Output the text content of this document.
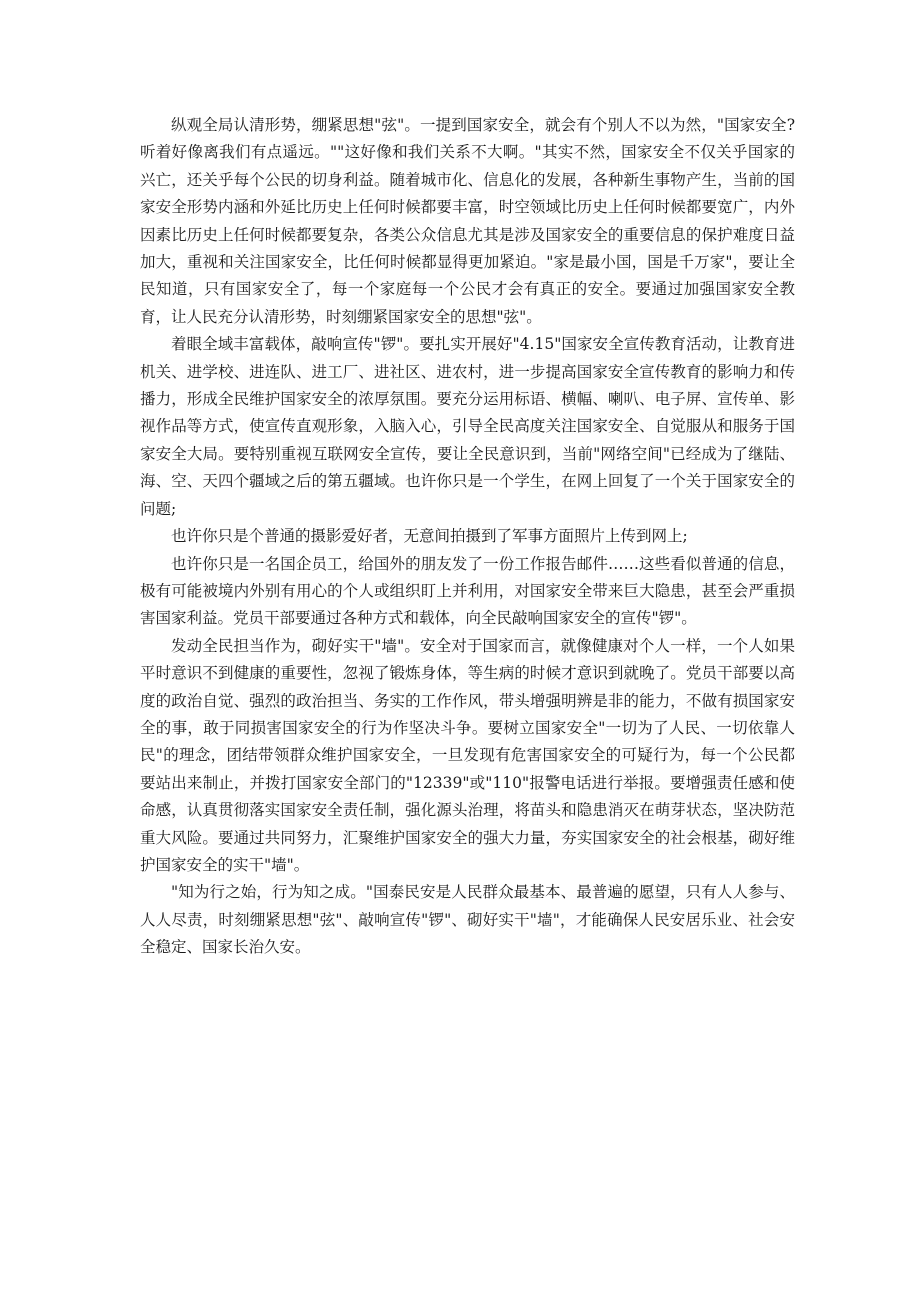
纵观全局认清形势，绷紧思想"弦"。一提到国家安全，就会有个别人不以为然，"国家安全?听着好像离我们有点遥远。""这好像和我们关系不大啊。"其实不然，国家安全不仅关乎国家的兴亡，还关乎每个公民的切身利益。随着城市化、信息化的发展，各种新生事物产生，当前的国家安全形势内涵和外延比历史上任何时候都要丰富，时空领域比历史上任何时候都要宽广，内外因素比历史上任何时候都要复杂，各类公众信息尤其是涉及国家安全的重要信息的保护难度日益加大，重视和关注国家安全，比任何时候都显得更加紧迫。"家是最小国，国是千万家"，要让全民知道，只有国家安全了，每一个家庭每一个公民才会有真正的安全。要通过加强国家安全教育，让人民充分认清形势，时刻绷紧国家安全的思想"弦"。

着眼全域丰富载体，敲响宣传"锣"。要扎实开展好"4.15"国家安全宣传教育活动，让教育进机关、进学校、进连队、进工厂、进社区、进农村，进一步提高国家安全宣传教育的影响力和传播力，形成全民维护国家安全的浓厚氛围。要充分运用标语、横幅、喇叭、电子屏、宣传单、影视作品等方式，使宣传直观形象，入脑入心，引导全民高度关注国家安全、自觉服从和服务于国家安全大局。要特别重视互联网安全宣传，要让全民意识到，当前"网络空间"已经成为了继陆、海、空、天四个疆域之后的第五疆域。也许你只是一个学生，在网上回复了一个关于国家安全的问题;

也许你只是个普通的摄影爱好者，无意间拍摄到了军事方面照片上传到网上;

也许你只是一名国企员工，给国外的朋友发了一份工作报告邮件……这些看似普通的信息，极有可能被境内外别有用心的个人或组织盯上并利用，对国家安全带来巨大隐患，甚至会严重损害国家利益。党员干部要通过各种方式和载体，向全民敲响国家安全的宣传"锣"。

发动全民担当作为，砌好实干"墙"。安全对于国家而言，就像健康对个人一样，一个人如果平时意识不到健康的重要性，忽视了锻炼身体，等生病的时候才意识到就晚了。党员干部要以高度的政治自觉、强烈的政治担当、务实的工作作风，带头增强明辨是非的能力，不做有损国家安全的事，敢于同损害国家安全的行为作坚决斗争。要树立国家安全"一切为了人民、一切依靠人民"的理念，团结带领群众维护国家安全，一旦发现有危害国家安全的可疑行为，每一个公民都要站出来制止，并拨打国家安全部门的"12339"或"110"报警电话进行举报。要增强责任感和使命感，认真贯彻落实国家安全责任制，强化源头治理，将苗头和隐患消灭在萌芽状态，坚决防范重大风险。要通过共同努力，汇聚维护国家安全的强大力量，夯实国家安全的社会根基，砌好维护国家安全的实干"墙"。

"知为行之始，行为知之成。"国泰民安是人民群众最基本、最普遍的愿望，只有人人参与、人人尽责，时刻绷紧思想"弦"、敲响宣传"锣"、砌好实干"墙"，才能确保人民安居乐业、社会安全稳定、国家长治久安。
